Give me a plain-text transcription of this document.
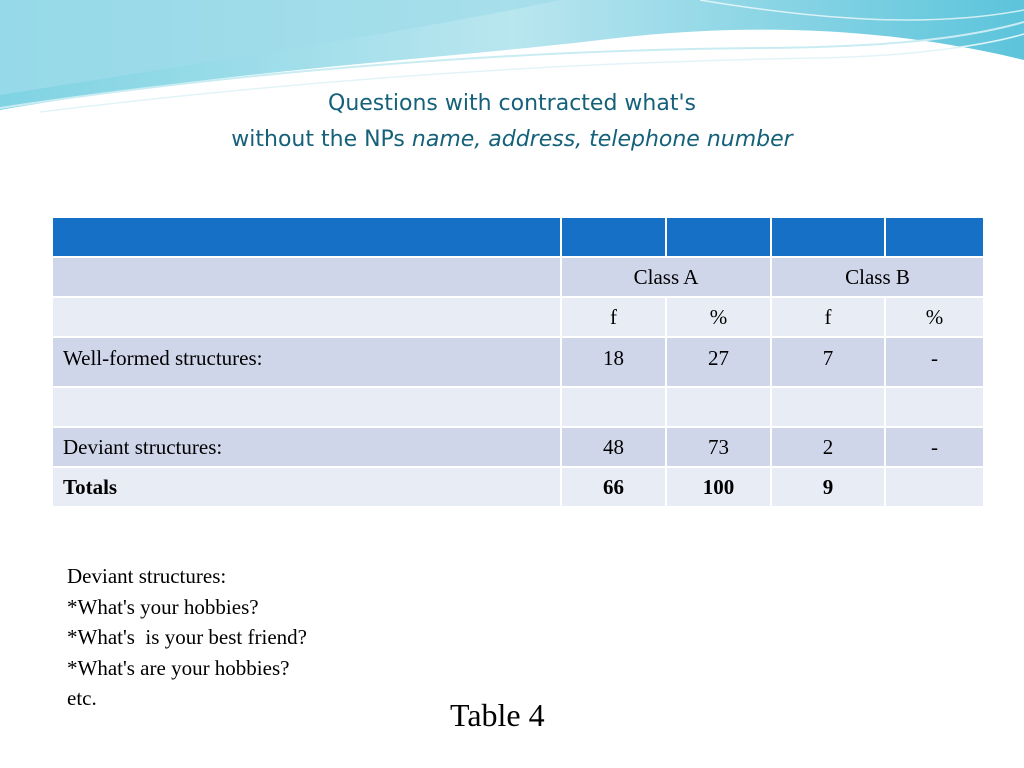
Questions with contracted what's
without the NPs name, address, telephone number

	Class A		Class B	
	f	%	f	%
Well-formed structures:	18	27	7	-

Deviant structures:	48	73	2	-
Totals	66	100	9	
Deviant structures:
*What's your hobbies?
*What's  is your best friend?
*What's are your hobbies?
etc.	Table 4
